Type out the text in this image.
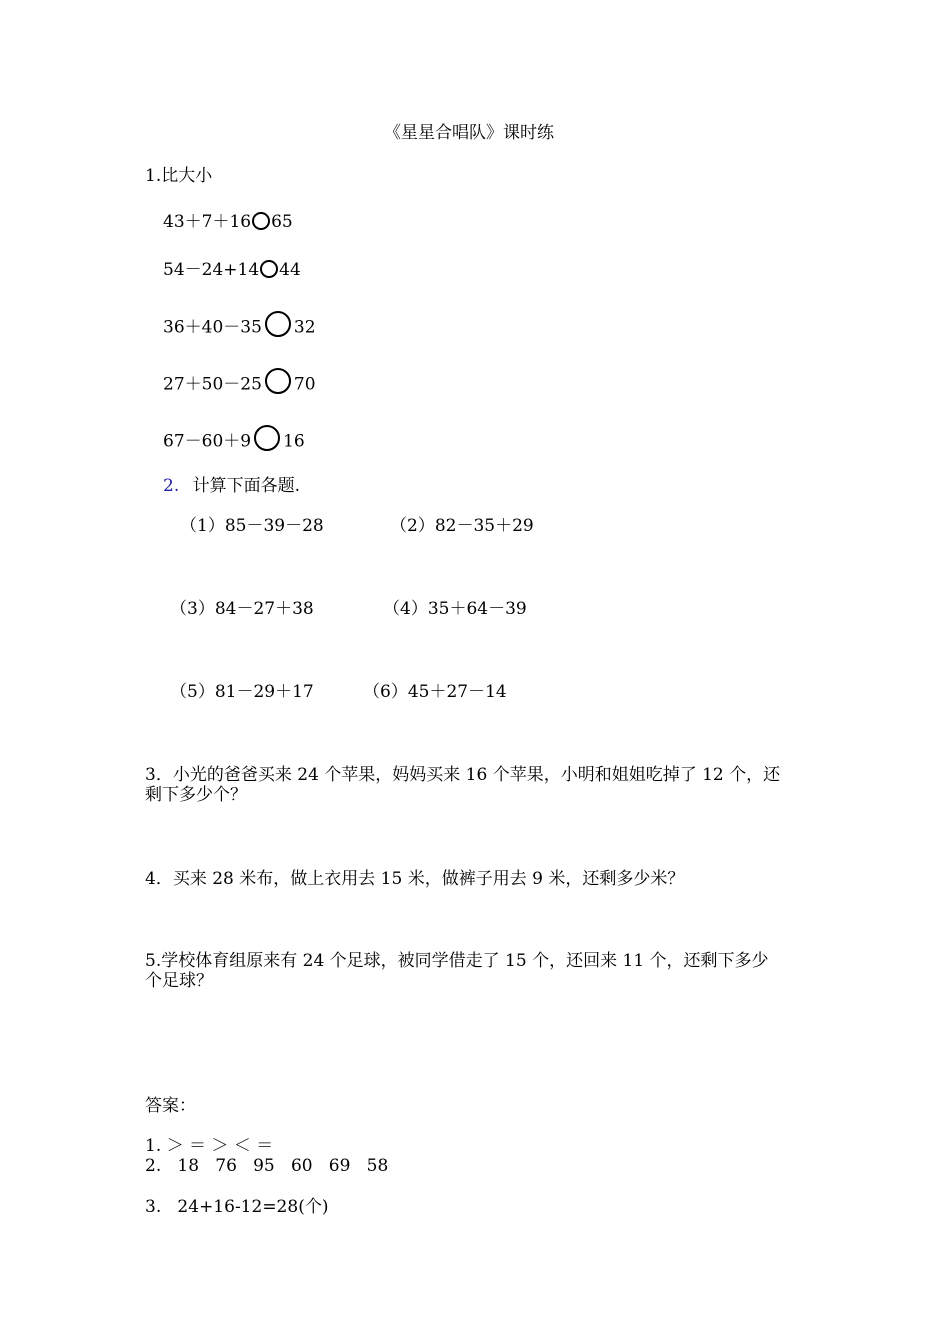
《星星合唱队》课时练
1.比大小
43＋7＋16 65
54－24+14 44
36＋40－35 32
27＋50－25 70
67－60＋9 16
2. 计算下面各题.
（1）85－39－28	（2）82－35＋29
（3）84－27＋38	（4）35＋64－39
（5）81－29＋17	（6）45＋27－14
3．小光的爸爸买来 24 个苹果，妈妈买来 16 个苹果，小明和姐姐吃掉了 12 个，还
剩下多少个？
4．买来 28 米布，做上衣用去 15 米，做裤子用去 9 米，还剩多少米？
5.学校体育组原来有 24 个足球，被同学借走了 15 个，还回来 11 个，还剩下多少
个足球？
答案：
1. ＞ ＝ ＞ ＜ ＝
2.   18   76   95   60   69   58
3.   24+16-12=28(个)
